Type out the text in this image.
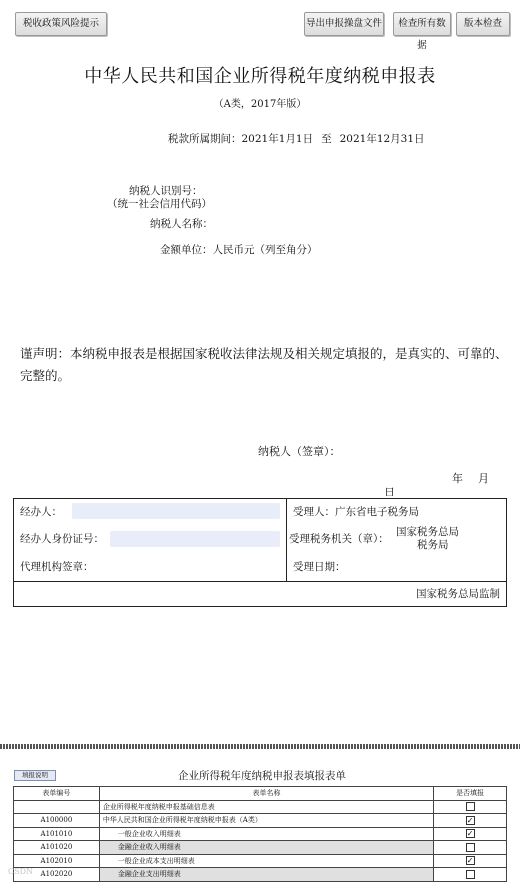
税收政策风险提示	导出申报操盘文件	检查所有数据
版本检查
中华人民共和国企业所得税年度纳税申报表
（A类，2017年版）
税款所属期间：2021年1月1日 至 2021年12月31日
纳税人识别号：
（统一社会信用代码）
纳税人名称：
金额单位：人民币元（列至角分）
谨声明：本纳税申报表是根据国家税收法律法规及相关规定填报的，是真实的、可靠的、完整的。
纳税人（签章）：
年 月
日
经办人：
经办人身份证号：
代理机构签章：
受理人：广东省电子税务局
受理税务机关（章）：
国家税务总局
税务局
受理日期：
国家税务总局监制
填报说明	企业所得税年度纳税申报表填报表单
表单编号	表单名称	是否填报
	企业所得税年度纳税申报基础信息表	
A100000	中华人民共和国企业所得税年度纳税申报表（A类）	✓
A101010	一般企业收入明细表	✓
A101020	金融企业收入明细表	
A102010	一般企业成本支出明细表	✓
A102020	金融企业支出明细表	
CSDN
